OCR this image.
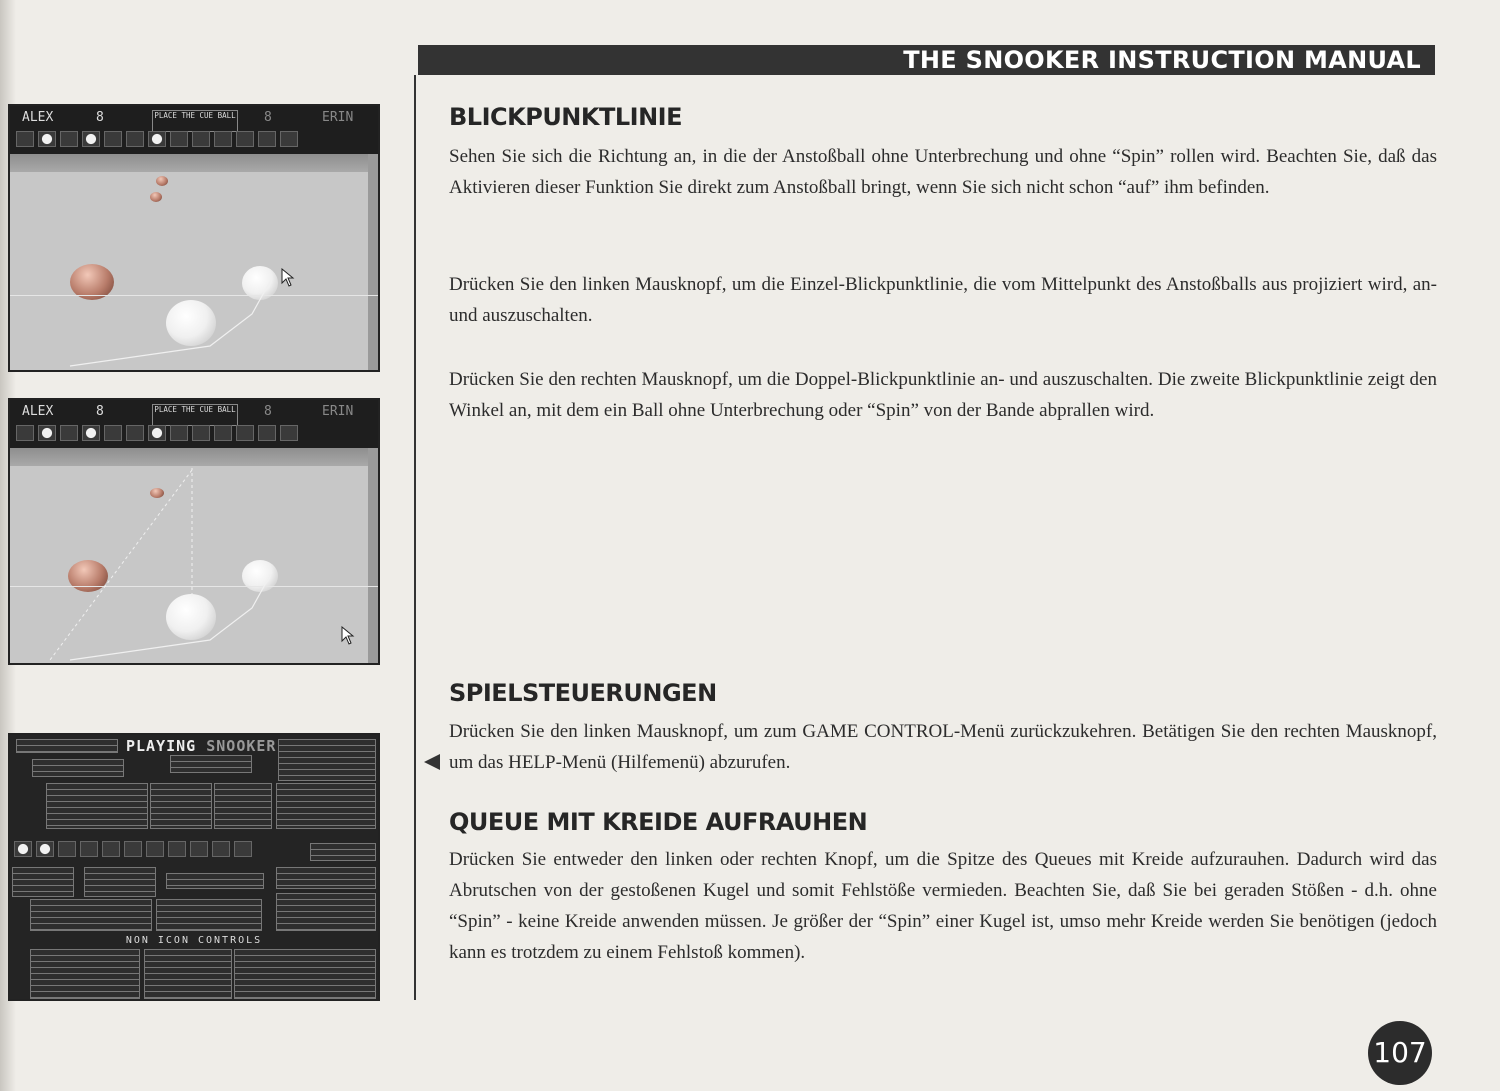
THE SNOOKER INSTRUCTION MANUAL
ALEX	8	PLACE THE CUE BALL 8	ERIN
ALEX	8	PLACE THE CUE BALL 8	ERIN
PLAYING SNOOKER
NON ICON CONTROLS
BLICKPUNKTLINIE

Sehen Sie sich die Richtung an, in die der Anstoßball ohne Unterbrechung und ohne “Spin” rollen wird. Beachten Sie, daß das Aktivieren dieser Funktion Sie direkt zum Anstoßball bringt, wenn Sie sich nicht schon “auf” ihm befinden.

Drücken Sie den linken Mausknopf, um die Einzel-Blickpunktlinie, die vom Mittelpunkt des Anstoßballs aus projiziert wird, an- und auszuschalten.

Drücken Sie den rechten Mausknopf, um die Doppel-Blickpunktlinie an- und auszuschalten. Die zweite Blickpunktlinie zeigt den Winkel an, mit dem ein Ball ohne Unterbrechung oder “Spin” von der Bande abprallen wird.

SPIELSTEUERUNGEN

Drücken Sie den linken Mausknopf, um zum GAME CONTROL-Menü zurückzukehren. Betätigen Sie den rechten Mausknopf, um das HELP-Menü (Hilfemenü) abzurufen.

QUEUE MIT KREIDE AUFRAUHEN

Drücken Sie entweder den linken oder rechten Knopf, um die Spitze des Queues mit Kreide aufzurauhen. Dadurch wird das Abrutschen von der gestoßenen Kugel und somit Fehlstöße vermieden. Beachten Sie, daß Sie bei geraden Stößen - d.h. ohne “Spin” - keine Kreide anwenden müssen. Je größer der “Spin” einer Kugel ist, umso mehr Kreide werden Sie benötigen (jedoch kann es trotzdem zu einem Fehlstoß kommen).

107
